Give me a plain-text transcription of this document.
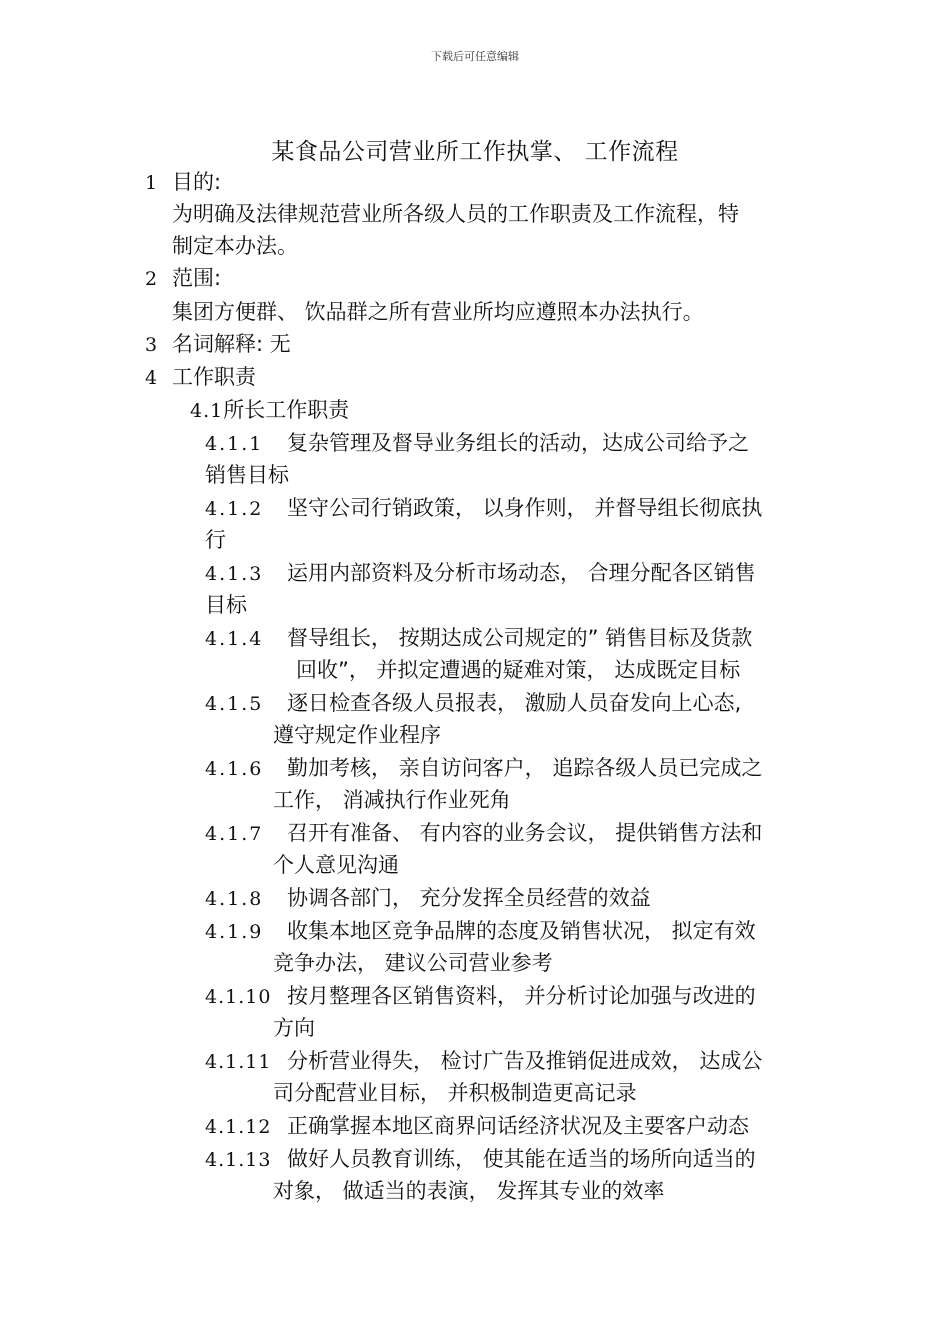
下载后可任意编辑
某食品公司营业所工作执掌、 工作流程
1 目的:
为明确及法律规范营业所各级人员的工作职责及工作流程，特
制定本办法。
2 范围:
集团方便群、 饮品群之所有营业所均应遵照本办法执行。
3 名词解释: 无
4 工作职责
4.1所长工作职责
4.1.1 复杂管理及督导业务组长的活动，达成公司给予之
销售目标
4.1.2 坚守公司行销政策， 以身作则， 并督导组长彻底执
行
4.1.3 运用内部资料及分析市场动态， 合理分配各区销售
目标
4.1.4 督导组长， 按期达成公司规定的” 销售目标及货款
回收”， 并拟定遭遇的疑难对策， 达成既定目标
4.1.5 逐日检查各级人员报表， 激励人员奋发向上心态,
遵守规定作业程序
4.1.6 勤加考核， 亲自访问客户， 追踪各级人员已完成之
工作， 消减执行作业死角
4.1.7 召开有准备、 有内容的业务会议， 提供销售方法和
个人意见沟通
4.1.8 协调各部门， 充分发挥全员经营的效益
4.1.9 收集本地区竞争品牌的态度及销售状况， 拟定有效
竞争办法， 建议公司营业参考
4.1.10 按月整理各区销售资料， 并分析讨论加强与改进的
方向
4.1.11 分析营业得失， 检讨广告及推销促进成效， 达成公
司分配营业目标， 并积极制造更高记录
4.1.12 正确掌握本地区商界问话经济状况及主要客户动态
4.1.13 做好人员教育训练， 使其能在适当的场所向适当的
对象， 做适当的表演， 发挥其专业的效率
